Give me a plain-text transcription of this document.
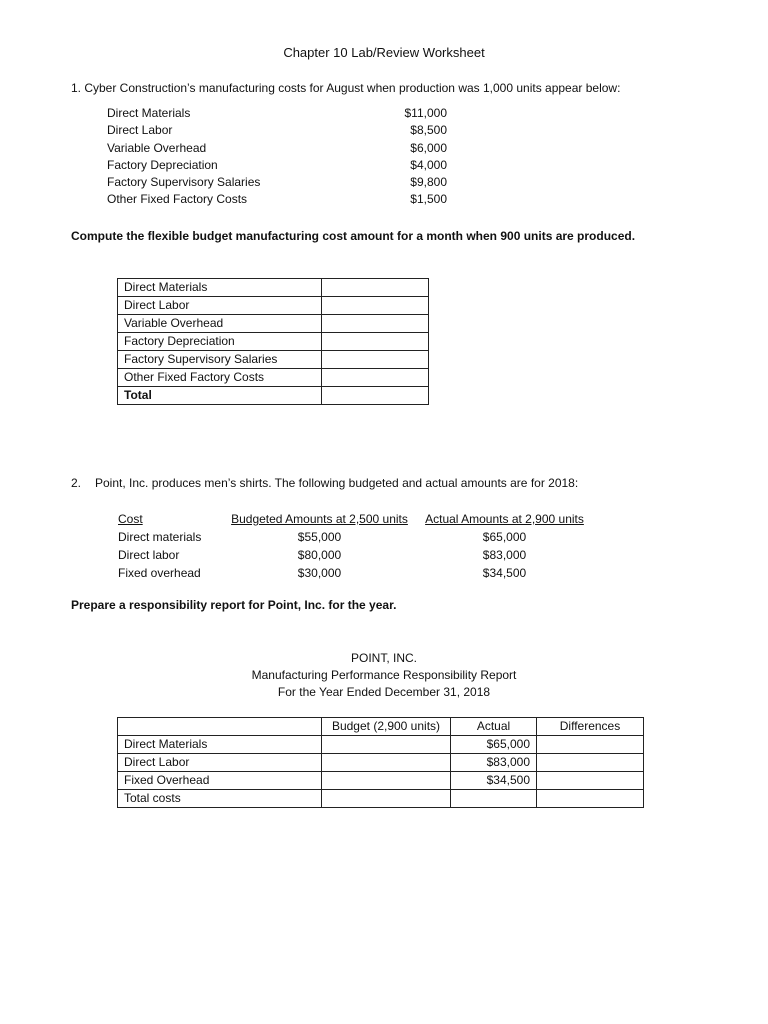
Chapter 10 Lab/Review Worksheet
1. Cyber Construction’s manufacturing costs for August when production was 1,000 units appear below:
Direct Materials	$11,000
Direct Labor	$8,500
Variable Overhead	$6,000
Factory Depreciation	$4,000
Factory Supervisory Salaries	$9,800
Other Fixed Factory Costs	$1,500
Compute the flexible budget manufacturing cost amount for a month when 900 units are produced.
Direct Materials	
Direct Labor	
Variable Overhead	
Factory Depreciation	
Factory Supervisory Salaries	
Other Fixed Factory Costs	
Total	
2. Point, Inc. produces men’s shirts. The following budgeted and actual amounts are for 2018:
Cost	Budgeted Amounts at 2,500 units	Actual Amounts at 2,900 units
Direct materials	$55,000	$65,000
Direct labor	$80,000	$83,000
Fixed overhead	$30,000	$34,500
Prepare a responsibility report for Point, Inc. for the year.
POINT, INC.
Manufacturing Performance Responsibility Report
For the Year Ended December 31, 2018
	Budget (2,900 units)	Actual	Differences
Direct Materials		$65,000	
Direct Labor		$83,000	
Fixed Overhead		$34,500	
Total costs			
